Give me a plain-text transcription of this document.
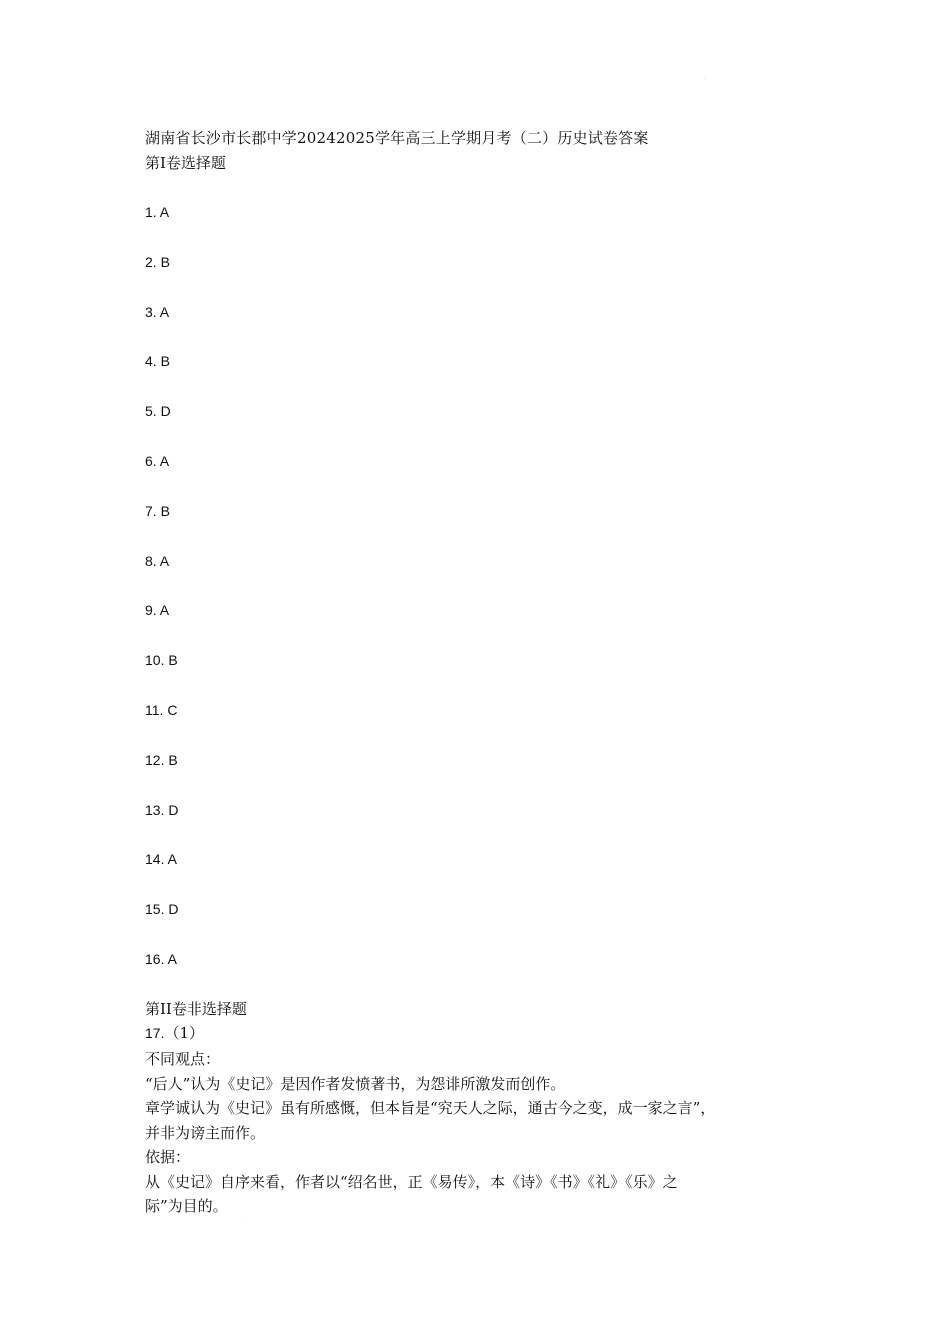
·
湖南省长沙市长郡中学20242025学年高三上学期月考（二）历史试卷答案
第I卷选择题
1. A
2. B
3. A
4. B
5. D
6. A
7. B
8. A
9. A
10. B
11. C
12. B
13. D
14. A
15. D
16. A
第II卷非选择题
17.（1）

不同观点：

“后人”认为《史记》是因作者发愤著书，为怨诽所激发而创作。

章学诚认为《史记》虽有所感慨，但本旨是“究天人之际，通古今之变，成一家之言”，

并非为谤主而作。

依据：

从《史记》自序来看，作者以“绍名世，正《易传》，本《诗》《书》《礼》《乐》之

际”为目的。

·
